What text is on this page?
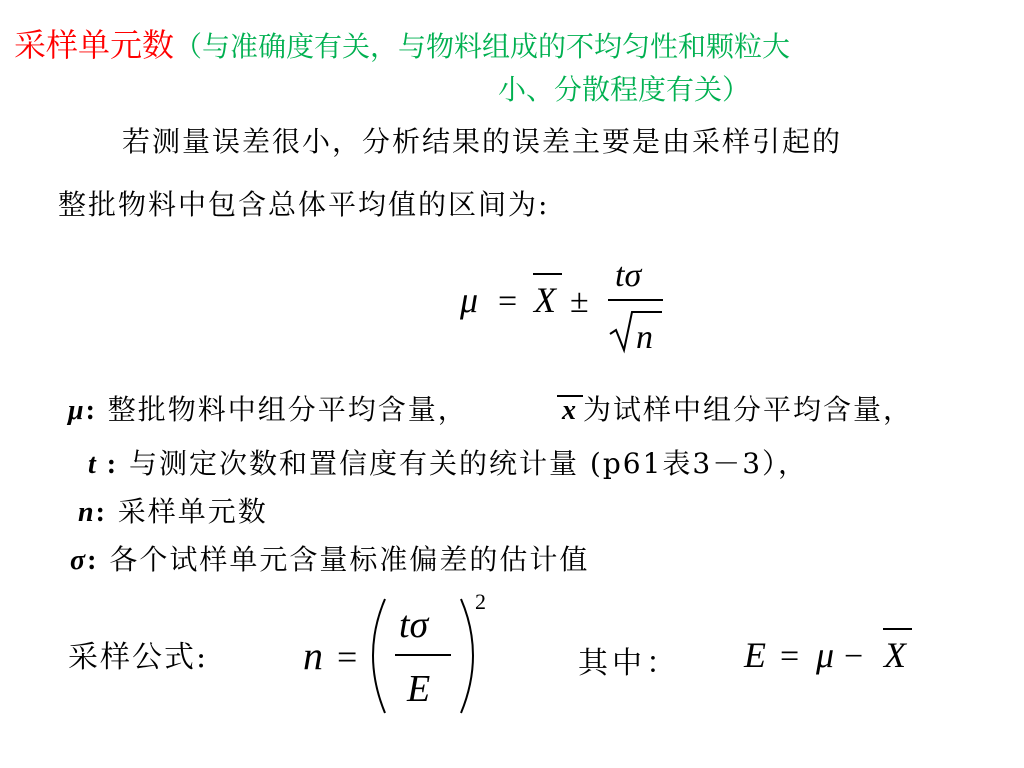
采样单元数（与准确度有关，与物料组成的不均匀性和颗粒大
小、分散程度有关）
若测量误差很小，分析结果的误差主要是由采样引起的
整批物料中包含总体平均值的区间为:
μ = X ±
tσ
n
μ: 整批物料中组分平均含量，	x 为试样中组分平均含量，
t : 与测定次数和置信度有关的统计量 (p61表3－3），
n: 采样单元数
σ: 各个试样单元含量标准偏差的估计值
采样公式: n =
tσ
E
2
其中： E = μ − X
